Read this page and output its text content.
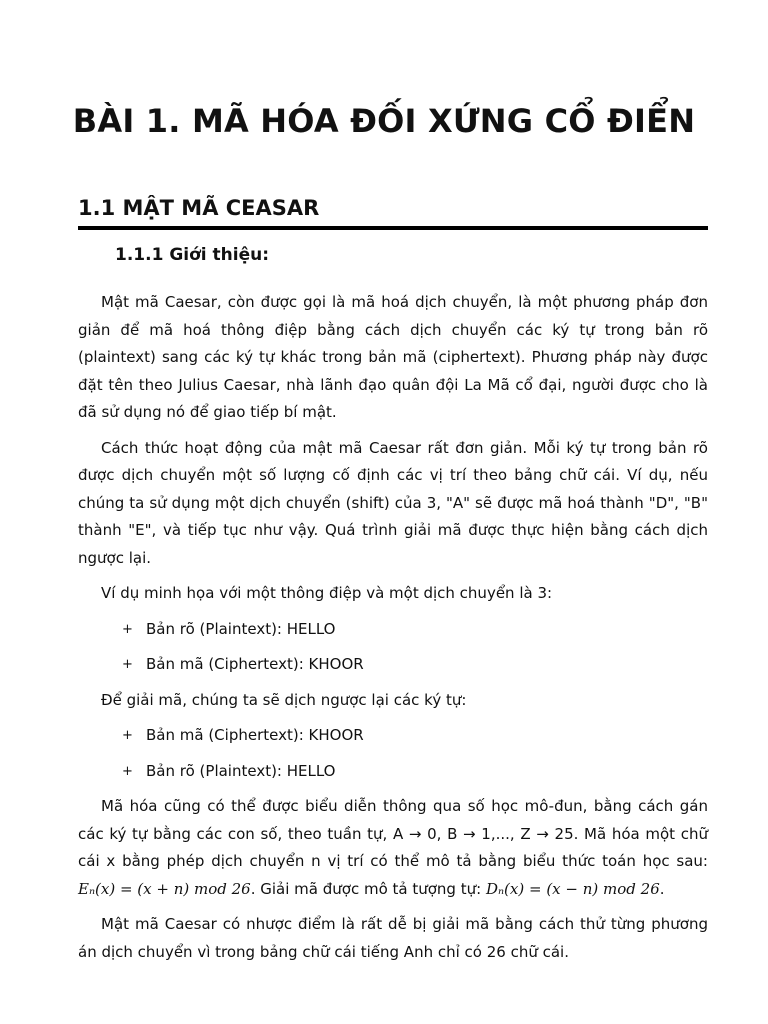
BÀI 1. MÃ HÓA ĐỐI XỨNG CỔ ĐIỂN
1.1 MẬT MÃ CEASAR
1.1.1 Giới thiệu:

Mật mã Caesar, còn được gọi là mã hoá dịch chuyển, là một phương pháp đơn giản để mã hoá thông điệp bằng cách dịch chuyển các ký tự trong bản rõ (plaintext) sang các ký tự khác trong bản mã (ciphertext). Phương pháp này được đặt tên theo Julius Caesar, nhà lãnh đạo quân đội La Mã cổ đại, người được cho là đã sử dụng nó để giao tiếp bí mật.

Cách thức hoạt động của mật mã Caesar rất đơn giản. Mỗi ký tự trong bản rõ được dịch chuyển một số lượng cố định các vị trí theo bảng chữ cái. Ví dụ, nếu chúng ta sử dụng một dịch chuyển (shift) của 3, "A" sẽ được mã hoá thành "D", "B" thành "E", và tiếp tục như vậy. Quá trình giải mã được thực hiện bằng cách dịch ngược lại.

Ví dụ minh họa với một thông điệp và một dịch chuyển là 3:

+ Bản rõ (Plaintext): HELLO
+ Bản mã (Ciphertext): KHOOR

Để giải mã, chúng ta sẽ dịch ngược lại các ký tự:

+ Bản mã (Ciphertext): KHOOR
+ Bản rõ (Plaintext): HELLO

Mã hóa cũng có thể được biểu diễn thông qua số học mô-đun, bằng cách gán các ký tự bằng các con số, theo tuần tự, A → 0, B → 1,..., Z → 25. Mã hóa một chữ cái x bằng phép dịch chuyển n vị trí có thể mô tả bằng biểu thức toán học sau: Eₙ(x) = (x + n) mod 26. Giải mã được mô tả tượng tự: Dₙ(x) = (x − n) mod 26.

Mật mã Caesar có nhược điểm là rất dễ bị giải mã bằng cách thử từng phương án dịch chuyển vì trong bảng chữ cái tiếng Anh chỉ có 26 chữ cái.
